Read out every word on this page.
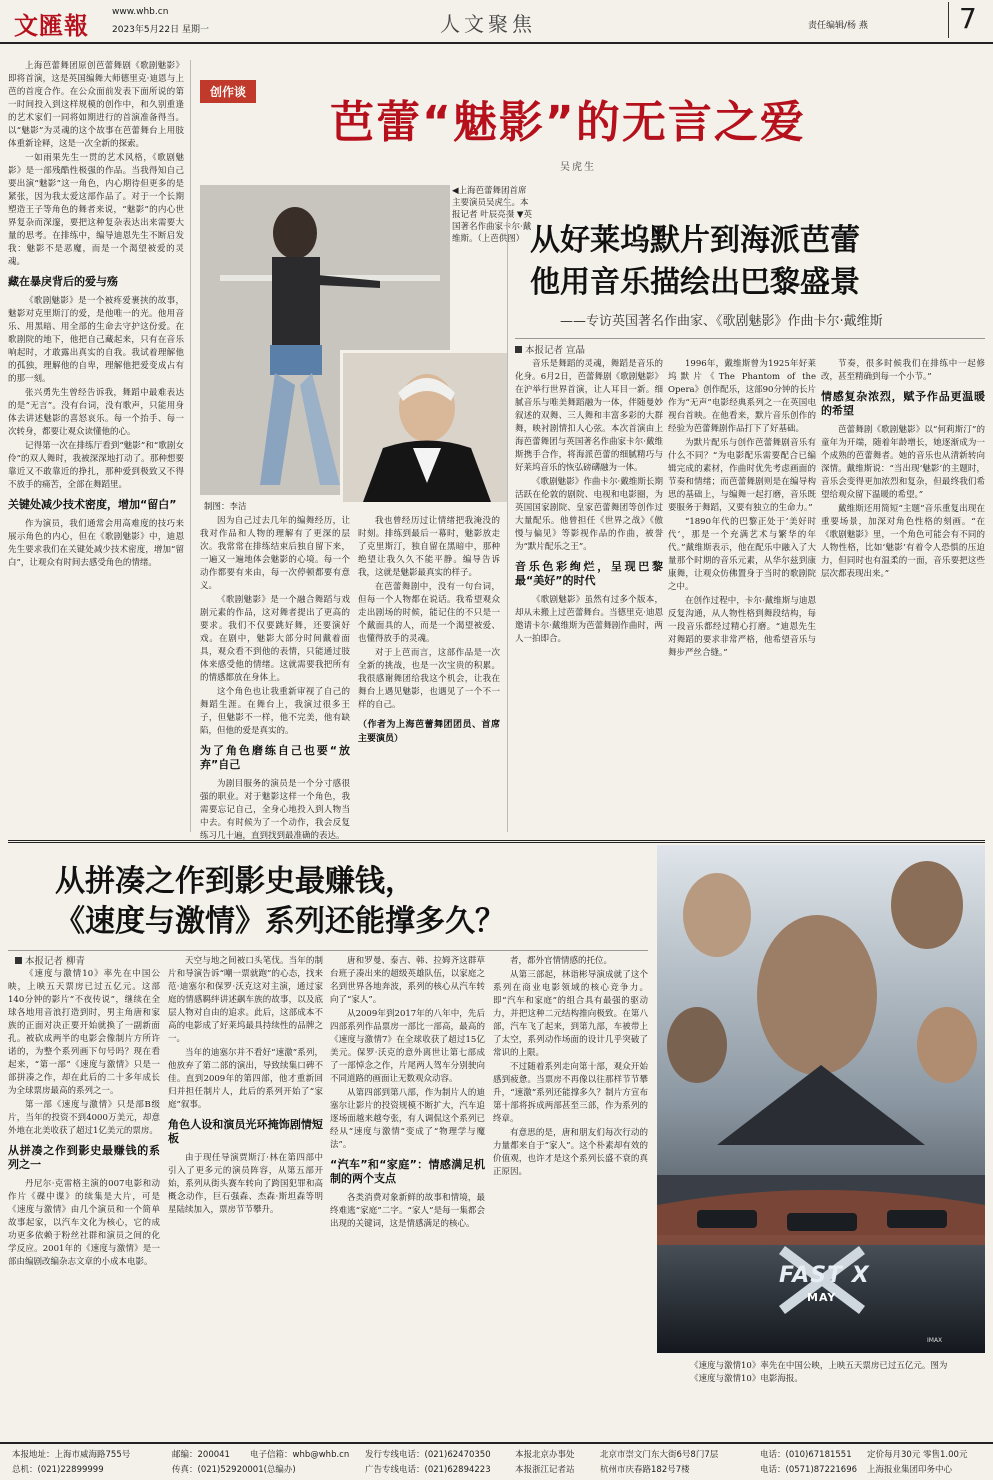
文匯報	www.whb.cn
2023年5月22日 星期一	人文聚焦	责任编辑/杨 燕	7

上海芭蕾舞团原创芭蕾舞剧《歌剧魅影》即将首演，这是英国编舞大师德里克·迪恩与上芭的首度合作。在公众面前发表下面所说的第一时间投入到这样规模的创作中，和久别重逢的艺术家们一同将如期进行的首演准备得当。以“魅影”为灵魂的这个故事在芭蕾舞台上用肢体重新诠释，这是一次全新的探索。

一如雨果先生一贯的艺术风格，《歌剧魅影》是一部残酷性极强的作品。当我得知自己要出演“魅影”这一角色，内心期待但更多的是紧张，因为我太爱这部作品了。对于一个长期塑造王子等角色的舞者来说，“魅影”的内心世界复杂而深邃，要把这种复杂表达出来需要大量的思考。在排练中，编导迪恩先生不断启发我：魅影不是恶魔，而是一个渴望被爱的灵魂。

藏在暴戾背后的爱与殇

《歌剧魅影》是一个被疼爱裹挟的故事，魅影对克里斯汀的爱，是他唯一的光。他用音乐、用黑暗、用全部的生命去守护这份爱。在歌剧院的地下，他把自己藏起来，只有在音乐响起时，才敢露出真实的自我。我试着理解他的孤独，理解他的自卑，理解他把爱变成占有的那一刻。

张兴勇先生曾经告诉我，舞蹈中最难表达的是“无言”。没有台词，没有歌声，只能用身体去讲述魅影的喜怒哀乐。每一个抬手、每一次转身，都要让观众读懂他的心。

记得第一次在排练厅看到“魅影”和“歌剧女伶”的双人舞时，我被深深地打动了。那种想要靠近又不敢靠近的挣扎，那种爱到极致又不得不放手的痛苦，全部在舞蹈里。

关键处减少技术密度，增加“留白”

作为演员，我们通常会用高难度的技巧来展示角色的内心，但在《歌剧魅影》中，迪恩先生要求我们在关键处减少技术密度，增加“留白”，让观众有时间去感受角色的情绪。

创作谈
芭蕾“魅影”的无言之爱
吴虎生
◀上海芭蕾舞团首席主要演员吴虎生。本报记者 叶辰亮摄 ▼英国著名作曲家卡尔·戴维斯。（上芭供图）
制图：李洁

因为自己过去几年的编舞经历，让我对作品和人物的理解有了更深的层次。我常常在排练结束后独自留下来，一遍又一遍地体会魅影的心境。每一个动作都要有来由，每一次停顿都要有意义。

《歌剧魅影》是一个融合舞蹈与戏剧元素的作品，这对舞者提出了更高的要求。我们不仅要跳好舞，还要演好戏。在剧中，魅影大部分时间戴着面具，观众看不到他的表情，只能通过肢体来感受他的情绪。这就需要我把所有的情感都放在身体上。

这个角色也让我重新审视了自己的舞蹈生涯。在舞台上，我演过很多王子，但魅影不一样，他不完美，他有缺陷，但他的爱是真实的。

为了角色磨练自己也要“放弃”自己

为剧目服务的演员是一个分寸感很强的职业。对于魅影这样一个角色，我需要忘记自己，全身心地投入到人物当中去。有时候为了一个动作，我会反复练习几十遍，直到找到最准确的表达。

我也曾经历过让情绪把我淹没的时刻。排练到最后一幕时，魅影放走了克里斯汀，独自留在黑暗中，那种绝望让我久久不能平静。编导告诉我，这就是魅影最真实的样子。

在芭蕾舞剧中，没有一句台词，但每一个人物都在说话。我希望观众走出剧场的时候，能记住的不只是一个戴面具的人，而是一个渴望被爱、也懂得放手的灵魂。

对于上芭而言，这部作品是一次全新的挑战，也是一次宝贵的积累。我很感谢舞团给我这个机会，让我在舞台上遇见魅影，也遇见了一个不一样的自己。

（作者为上海芭蕾舞团团员、首席主要演员）
从好莱坞默片到海派芭蕾
他用音乐描绘出巴黎盛景
——专访英国著名作曲家、《歌剧魅影》作曲卡尔·戴维斯
本报记者 宣晶

音乐是舞蹈的灵魂，舞蹈是音乐的化身。6月2日，芭蕾舞剧《歌剧魅影》在沪举行世界首演，让人耳目一新。细腻音乐与唯美舞蹈融为一体，伴随曼妙叙述的双舞、三人舞和丰富多彩的大群舞，映衬剧情扣人心弦。本次首演由上海芭蕾舞团与英国著名作曲家卡尔·戴维斯携手合作，将海派芭蕾的细腻精巧与好莱坞音乐的恢弘磅礴融为一体。

《歌剧魅影》作曲卡尔·戴维斯长期活跃在伦敦的剧院、电视和电影圈，为英国国家剧院、皇家芭蕾舞团等创作过大量配乐。他曾担任《世界之战》《傲慢与偏见》等影视作品的作曲，被誉为“默片配乐之王”。

音乐色彩绚烂，呈现巴黎最“美好”的时代

《歌剧魅影》虽然有过多个版本，却从未搬上过芭蕾舞台。当德里克·迪恩邀请卡尔·戴维斯为芭蕾舞剧作曲时，两人一拍即合。

1996年，戴维斯曾为1925年好莱坞默片《The Phantom of the Opera》创作配乐，这部90分钟的长片作为“无声”电影经典系列之一在英国电视台首映。在他看来，默片音乐创作的经验为芭蕾舞剧作品打下了好基础。

为默片配乐与创作芭蕾舞剧音乐有什么不同？“为电影配乐需要配合已编辑完成的素材，作曲时优先考虑画面的节奏和情绪；而芭蕾舞剧则是在编导构思的基础上，与编舞一起打磨，音乐既要服务于舞蹈，又要有独立的生命力。”

“1890年代的巴黎正处于‘美好时代’，那是一个充满艺术与繁华的年代。”戴维斯表示，他在配乐中融入了大量那个时期的音乐元素，从华尔兹到康康舞，让观众仿佛置身于当时的歌剧院之中。

在创作过程中，卡尔·戴维斯与迪恩反复沟通，从人物性格到舞段结构，每一段音乐都经过精心打磨。“迪恩先生对舞蹈的要求非常严格，他希望音乐与舞步严丝合缝。”

节奏，很多时候我们在排练中一起修改，甚至精确到每一个小节。”

情感复杂浓烈，赋予作品更温暖的希望

芭蕾舞剧《歌剧魅影》以“何莉斯汀”的童年为开端，随着年龄增长，她逐渐成为一个成熟的芭蕾舞者。她的音乐也从清新转向深情。戴维斯说：“当出现‘魅影’的主题时，音乐会变得更加浓烈和复杂，但最终我们希望给观众留下温暖的希望。”

戴维斯还用简短“主题”音乐重复出现在重要场景，加深对角色性格的刻画。“在《歌剧魅影》里，一个角色可能会有不同的人物性格，比如‘魅影’有着令人恐惧的压迫力，但同时也有温柔的一面，音乐要把这些层次都表现出来。”

从拼凑之作到影史最赚钱，
《速度与激情》系列还能撑多久？
本报记者 柳青

《速度与激情10》率先在中国公映，上映五天票房已过五亿元。这部140分钟的影片“不夜传说”，继续在全球各地用音浪打造到时，男主角唐和家族的正面对决正要开始就换了一副新面孔。被砍成两半的电影会像制片方所许诺的，为整个系列画下句号吗？现在看起来，“第一部”《速度与激情》只是一部拼凑之作，却在此后的二十多年成长为全球票房最高的系列之一。

第一部《速度与激情》只是部B级片，当年的投资不到4000万美元，却意外地在北美收获了超过1亿美元的票房。

从拼凑之作到影史最赚钱的系列之一

丹尼尔·克雷格主演的007电影和动作片《碟中谍》的续集是大片，可是《速度与激情》由几个演员和一个简单故事起家，以汽车文化为核心，它的成功更多依赖于粉丝社群和演员之间的化学反应。2001年的《速度与激情》是一部由编剧改编杂志文章的小成本电影。

天空与地之间被口头笔伐。当年的制片和导演告诉“嘲一票就跑”的心态，找来范·迪塞尔和保罗·沃克这对主演，通过家庭的情感羁绊讲述飙车族的故事，以及底层人物对自由的追求。此后，这部成本不高的电影成了好莱坞最具持续性的品牌之一。

当年的迪塞尔并不看好“速激”系列，他放弃了第二部的演出，导致续集口碑不佳。直到2009年的第四部，他才重新回归并担任制片人，此后的系列开始了“家庭”叙事。

角色人设和演员光环掩饰剧情短板

由于现任导演贾斯汀·林在第四部中引入了更多元的演员阵容，从第五部开始，系列从街头赛车转向了跨国犯罪和高概念动作，巨石强森、杰森·斯坦森等明星陆续加入，票房节节攀升。

唐和罗曼、泰吉、韩、拉姆齐这群草台班子凑出来的超级英雄队伍，以家庭之名到世界各地奔波，系列的核心从汽车转向了“家人”。

从2009年到2017年的八年中，先后四部系列作品票房一部比一部高，最高的《速度与激情7》在全球收获了超过15亿美元。保罗·沃克的意外离世让第七部成了一部悼念之作，片尾两人驾车分别驶向不同道路的画面让无数观众动容。

从第四部到第八部，作为制片人的迪塞尔让影片的投资规模不断扩大，汽车追逐场面越来越夸张，有人调侃这个系列已经从“速度与激情”变成了“物理学与魔法”。

“汽车”和“家庭”：情感满足机制的两个支点

各类消费对象新鲜的故事和情境，最终难逃“家庭”二字。“家人”是每一集都会出现的关键词，这是情感满足的核心。

者，都外官情情感的托位。

从第三部起，林诣彬导演成就了这个系列在商业电影领域的核心竞争力。即“汽车和家庭”的组合具有最强的驱动力，并把这种二元结构推向极致。在第八部，汽车飞了起来，到第九部，车被带上了太空，系列动作场面的设计几乎突破了常识的上限。

不过随着系列走向第十部，观众开始感到疲惫。当票房不再像以往那样节节攀升，“速激”系列还能撑多久？制片方宣布第十部将拆成两部甚至三部，作为系列的终章。

有意思的是，唐和朋友们每次行动的力量都来自于“家人”。这个朴素却有效的价值观，也许才是这个系列长盛不衰的真正原因。

FAST X
MAY
IMAX
《速度与激情10》率先在中国公映，上映五天票房已过五亿元。图为《速度与激情10》电影海报。
本报地址：上海市威海路755号
总机：(021)22899999
邮编：200041
传真：(021)52920001(总编办)
电子信箱：whb@whb.cn 发行专线电话：(021)62470350
广告专线电话：(021)62894223
本报北京办事处
本报浙江记者站
北京市崇文门东大街6号8门7层
杭州市庆春路182号7楼
电话：(010)67181551
电话：(0571)87221696
定价每月30元 零售1.00元
上海报业集团印务中心
